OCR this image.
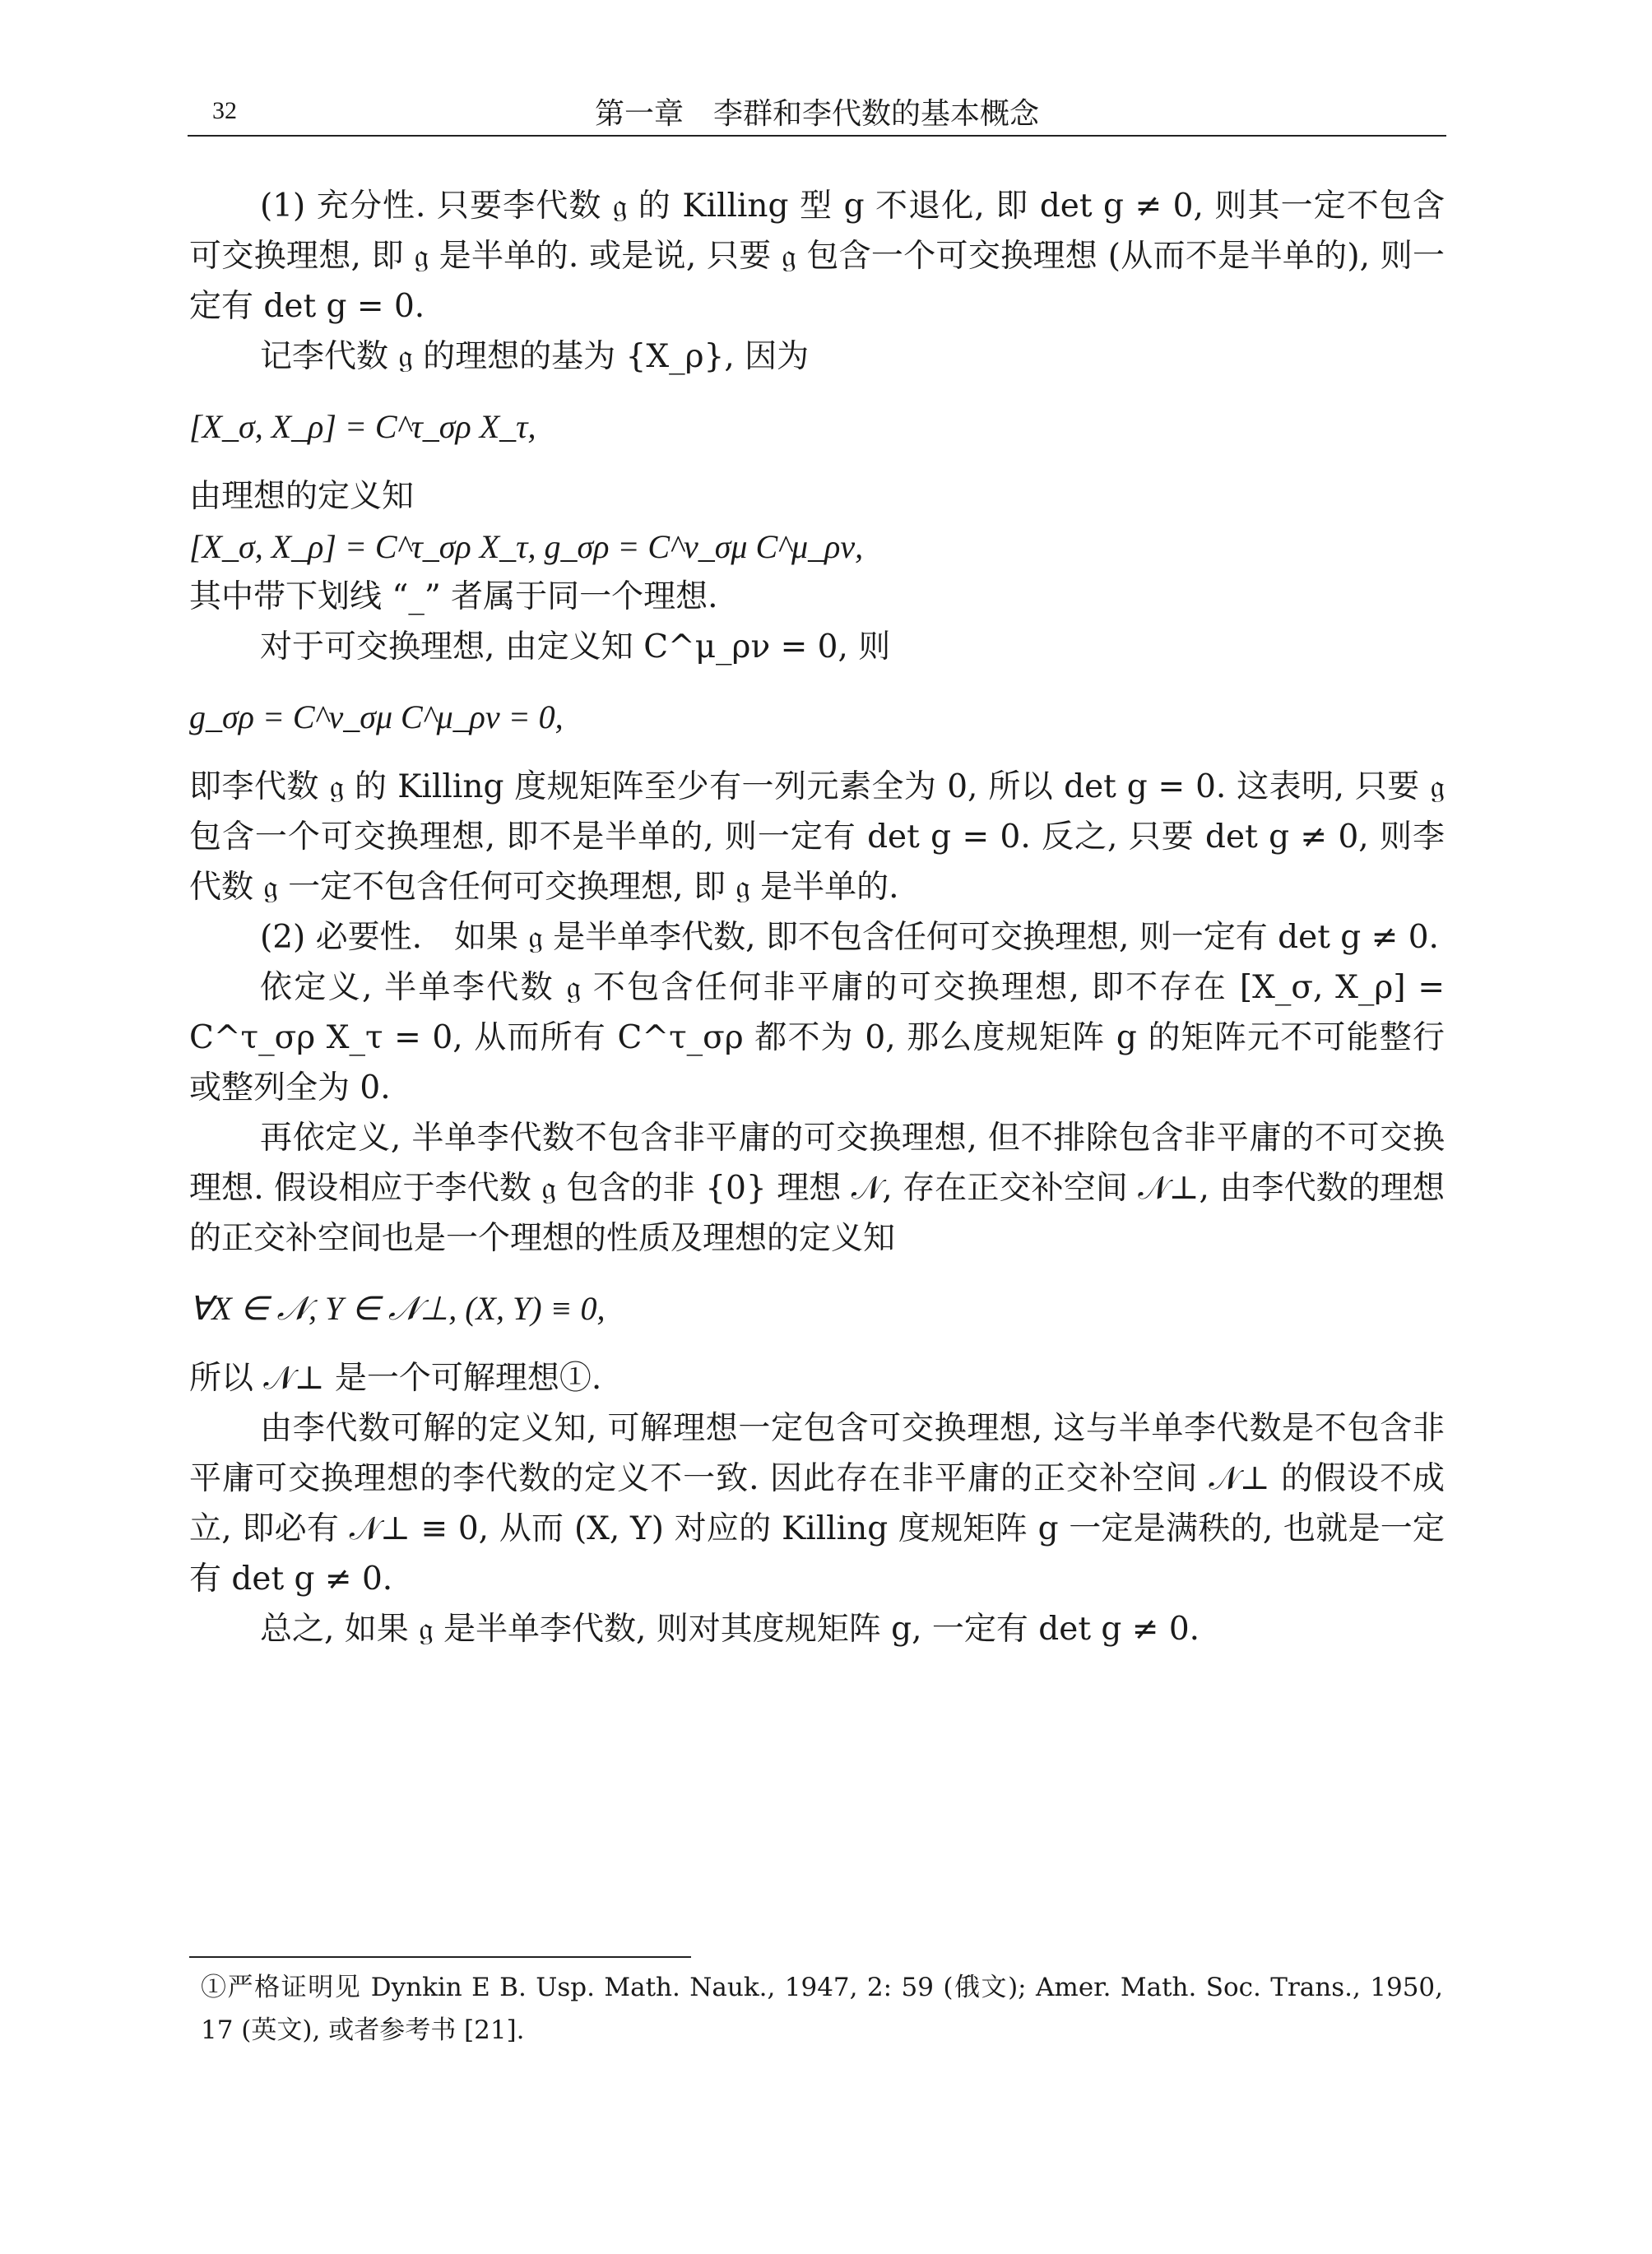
32	第一章　李群和李代数的基本概念

(1) 充分性. 只要李代数 𝔤 的 Killing 型 g 不退化, 即 det g ≠ 0, 则其一定不包含可交换理想, 即 𝔤 是半单的. 或是说, 只要 𝔤 包含一个可交换理想 (从而不是半单的), 则一定有 det g = 0.

记李代数 𝔤 的理想的基为 {X_ρ}, 因为

[X_σ, X_ρ] = C^τ_σρ X_τ,

由理想的定义知

[X_σ, X_ρ] = C^τ_σρ X_τ, g_σρ = C^ν_σμ C^μ_ρν,

其中带下划线 “_” 者属于同一个理想.

对于可交换理想, 由定义知 C^μ_ρν = 0, 则

g_σρ = C^ν_σμ C^μ_ρν = 0,

即李代数 𝔤 的 Killing 度规矩阵至少有一列元素全为 0, 所以 det g = 0. 这表明, 只要 𝔤 包含一个可交换理想, 即不是半单的, 则一定有 det g = 0. 反之, 只要 det g ≠ 0, 则李代数 𝔤 一定不包含任何可交换理想, 即 𝔤 是半单的.

(2) 必要性.　如果 𝔤 是半单李代数, 即不包含任何可交换理想, 则一定有 det g ≠ 0.

依定义, 半单李代数 𝔤 不包含任何非平庸的可交换理想, 即不存在 [X_σ, X_ρ] = C^τ_σρ X_τ = 0, 从而所有 C^τ_σρ 都不为 0, 那么度规矩阵 g 的矩阵元不可能整行或整列全为 0.

再依定义, 半单李代数不包含非平庸的可交换理想, 但不排除包含非平庸的不可交换理想. 假设相应于李代数 𝔤 包含的非 {0} 理想 𝒩, 存在正交补空间 𝒩⊥, 由李代数的理想的正交补空间也是一个理想的性质及理想的定义知

∀X ∈ 𝒩, Y ∈ 𝒩⊥, (X, Y) ≡ 0,

所以 𝒩⊥ 是一个可解理想①.

由李代数可解的定义知, 可解理想一定包含可交换理想, 这与半单李代数是不包含非平庸可交换理想的李代数的定义不一致. 因此存在非平庸的正交补空间 𝒩⊥ 的假设不成立, 即必有 𝒩⊥ ≡ 0, 从而 (X, Y) 对应的 Killing 度规矩阵 g 一定是满秩的, 也就是一定有 det g ≠ 0.

总之, 如果 𝔤 是半单李代数, 则对其度规矩阵 g, 一定有 det g ≠ 0.

①严格证明见 Dynkin E B. Usp. Math. Nauk., 1947, 2: 59 (俄文); Amer. Math. Soc. Trans., 1950, 17 (英文), 或者参考书 [21].
